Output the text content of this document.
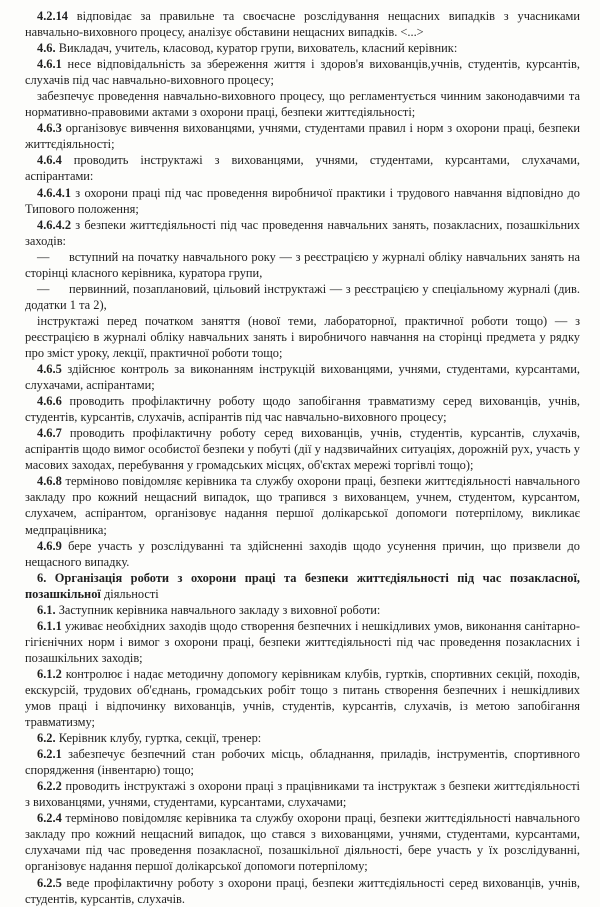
4.2.14 відповідає за правильне та своєчасне розслідування нещасних випадків з учасниками навчально-виховного процесу, аналізує обставини нещасних випадків. <...>

4.6. Викладач, учитель, класовод, куратор групи, вихователь, класний керівник:

4.6.1 несе відповідальність за збереження життя і здоров'я вихованців,учнів, студентів, курсантів, слухачів під час навчально-виховного процесу;

забезпечує проведення навчально-виховного процесу, що регламентується чинним законодавчими та нормативно-правовими актами з охорони праці, безпеки життєдіяльності;

4.6.3 організовує вивчення вихованцями, учнями, студентами правил і норм з охорони праці, безпеки життєдіяльності;

4.6.4 проводить інструктажі з вихованцями, учнями, студентами, курсантами, слухачами, аспірантами:

4.6.4.1 з охорони праці під час проведення виробничої практики і трудового навчання відповідно до Типового положення;

4.6.4.2 з безпеки життєдіяльності під час проведення навчальних занять, позакласних, позашкільних заходів:

— вступний на початку навчального року — з реєстрацією у журналі обліку навчальних занять на сторінці класного керівника, куратора групи,

— первинний, позаплановий, цільовий інструктажі — з реєстрацією у спеціальному журналі (див. додатки 1 та 2),

інструктажі перед початком заняття (нової теми, лабораторної, практичної роботи тощо) — з реєстрацією в журналі обліку навчальних занять і виробничого навчання на сторінці предмета у рядку про зміст уроку, лекції, практичної роботи тощо;

4.6.5 здійснює контроль за виконанням інструкцій вихованцями, учнями, студентами, курсантами, слухачами, аспірантами;

4.6.6 проводить профілактичну роботу щодо запобігання травматизму серед вихованців, учнів, студентів, курсантів, слухачів, аспірантів під час навчально-виховного процесу;

4.6.7 проводить профілактичну роботу серед вихованців, учнів, студентів, курсантів, слухачів, аспірантів щодо вимог особистої безпеки у побуті (дії у надзвичайних ситуаціях, дорожній рух, участь у масових заходах, перебування у громадських місцях, об'єктах мережі торгівлі тощо);

4.6.8 терміново повідомляє керівника та службу охорони праці, безпеки життєдіяльності навчального закладу про кожний нещасний випадок, що трапився з вихованцем, учнем, студентом, курсантом, слухачем, аспірантом, організовує надання першої долікарської допомоги потерпілому, викликає медпрацівника;

4.6.9 бере участь у розслідуванні та здійсненні заходів щодо усунення причин, що призвели до нещасного випадку.

6. Організація роботи з охорони праці та безпеки життєдіяльності під час позакласної, позашкільної діяльності

6.1. Заступник керівника навчального закладу з виховної роботи:

6.1.1 уживає необхідних заходів щодо створення безпечних і нешкідливих умов, виконання санітарно-гігієнічних норм і вимог з охорони праці, безпеки життєдіяльності під час проведення позакласних і позашкільних заходів;

6.1.2 контролює і надає методичну допомогу керівникам клубів, гуртків, спортивних секцій, походів, екскурсій, трудових об'єднань, громадських робіт тощо з питань створення безпечних і нешкідливих умов праці і відпочинку вихованців, учнів, студентів, курсантів, слухачів, із метою запобігання травматизму;

6.2. Керівник клубу, гуртка, секції, тренер:

6.2.1 забезпечує безпечний стан робочих місць, обладнання, приладів, інструментів, спортивного спорядження (інвентарю) тощо;

6.2.2 проводить інструктажі з охорони праці з працівниками та інструктаж з безпеки життєдіяльності з вихованцями, учнями, студентами, курсантами, слухачами;

6.2.4 терміново повідомляє керівника та службу охорони праці, безпеки життєдіяльності навчального закладу про кожний нещасний випадок, що стався з вихованцями, учнями, студентами, курсантами, слухачами під час проведення позакласної, позашкільної діяльності, бере участь у їх розслідуванні, організовує надання першої долікарської допомоги потерпілому;

6.2.5 веде профілактичну роботу з охорони праці, безпеки життєдіяльності серед вихованців, учнів, студентів, курсантів, слухачів.
